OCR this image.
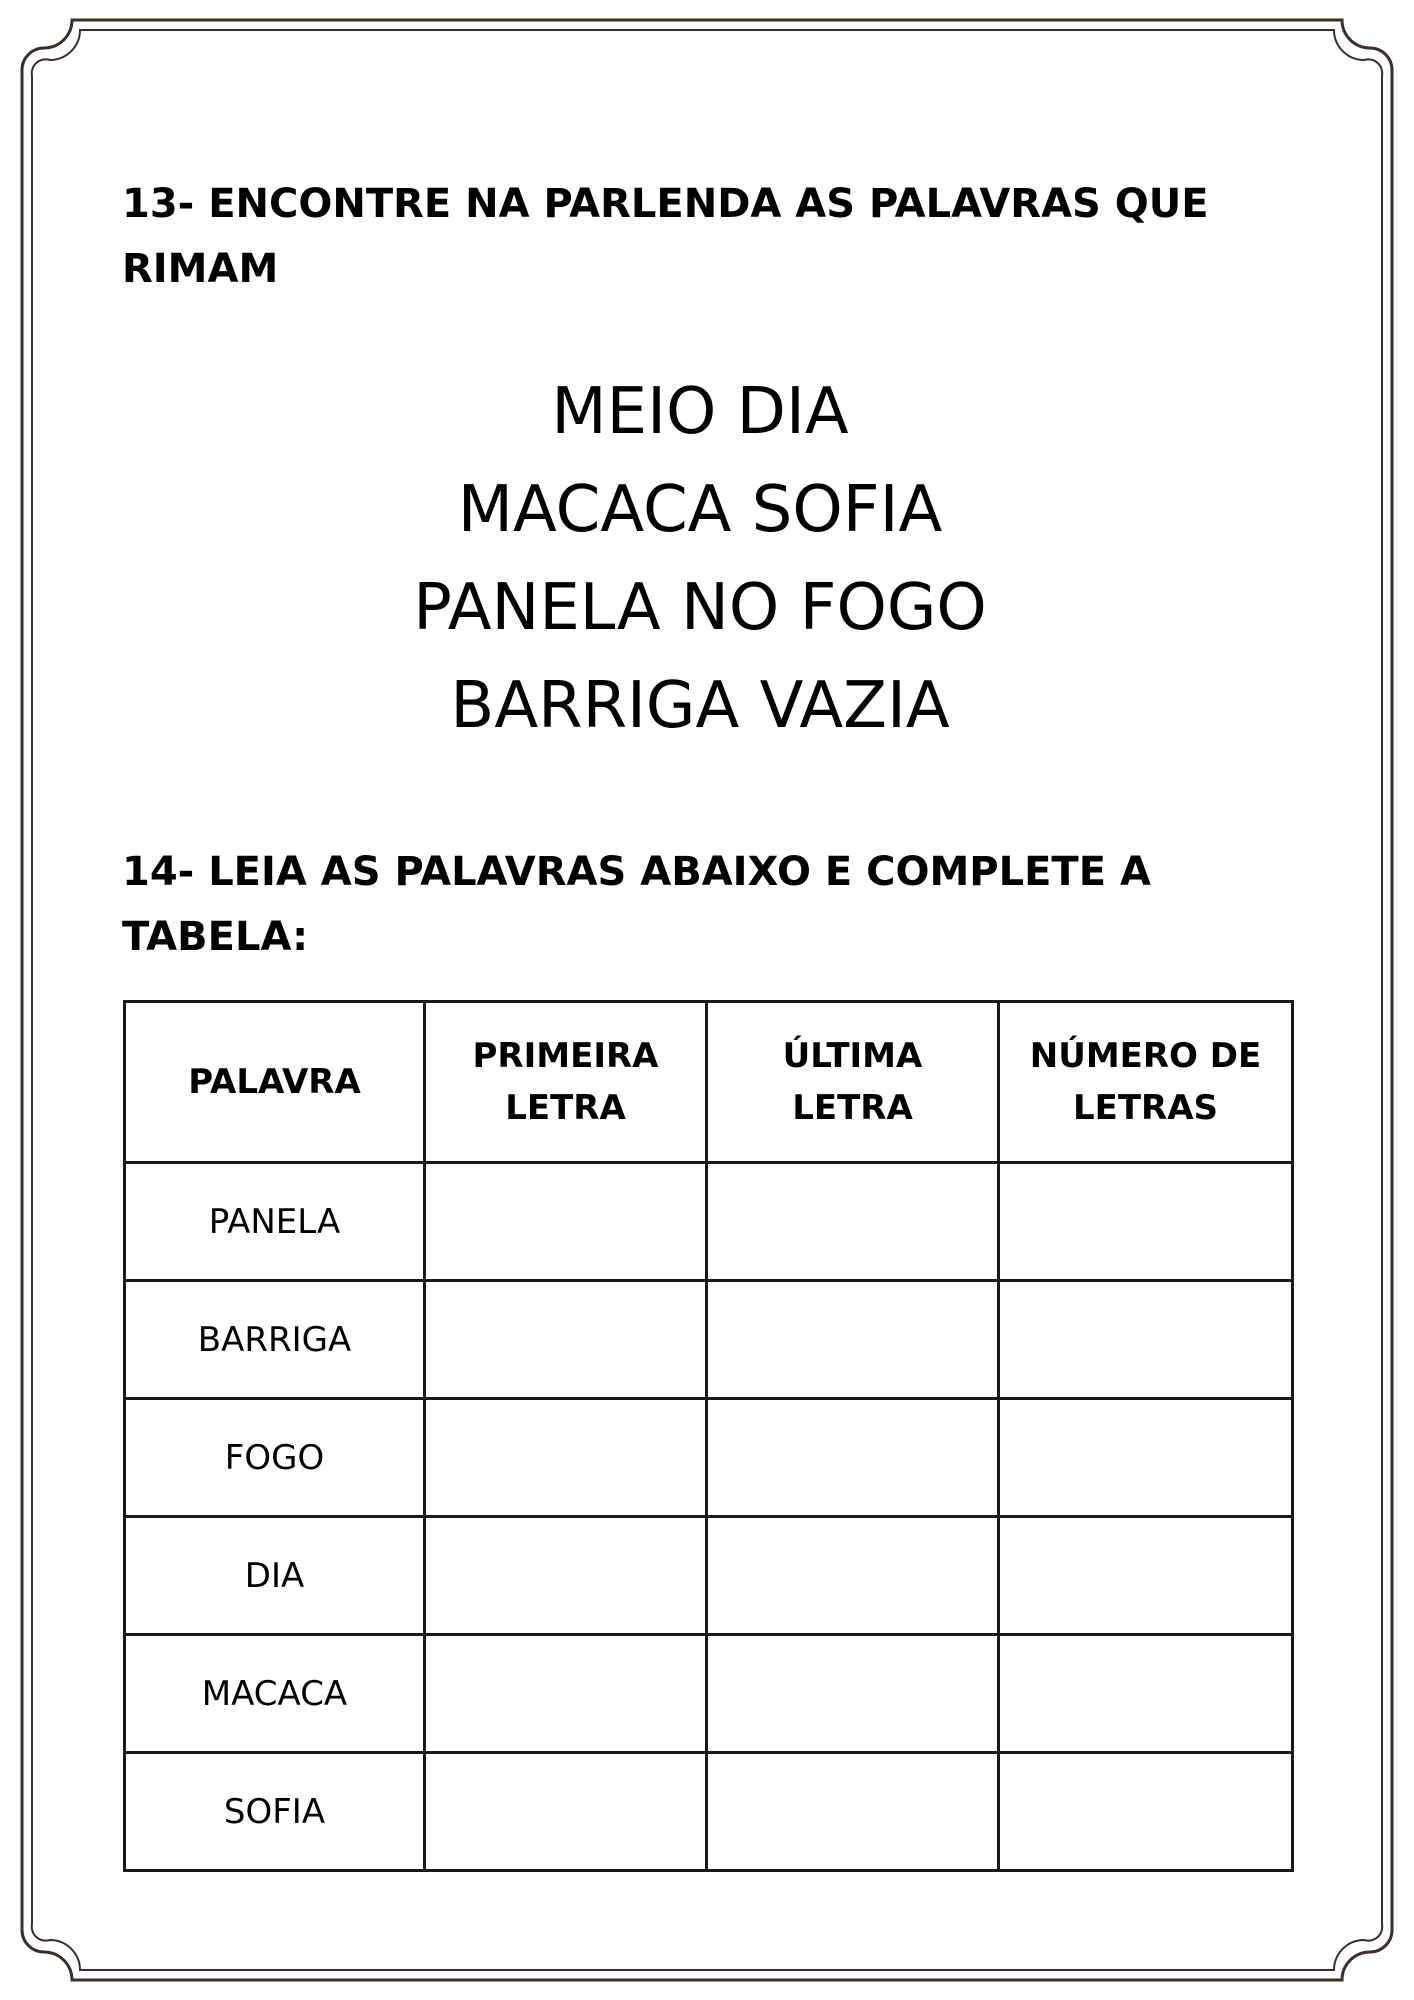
13- ENCONTRE NA PARLENDA AS PALAVRAS QUE RIMAM
MEIO DIA
MACACA SOFIA
PANELA NO FOGO
BARRIGA VAZIA
14- LEIA AS PALAVRAS ABAIXO E COMPLETE A TABELA:
PALAVRA	PRIMEIRA LETRA	ÚLTIMA LETRA	NÚMERO DE LETRAS
PANELA			
BARRIGA			
FOGO			
DIA			
MACACA			
SOFIA			
